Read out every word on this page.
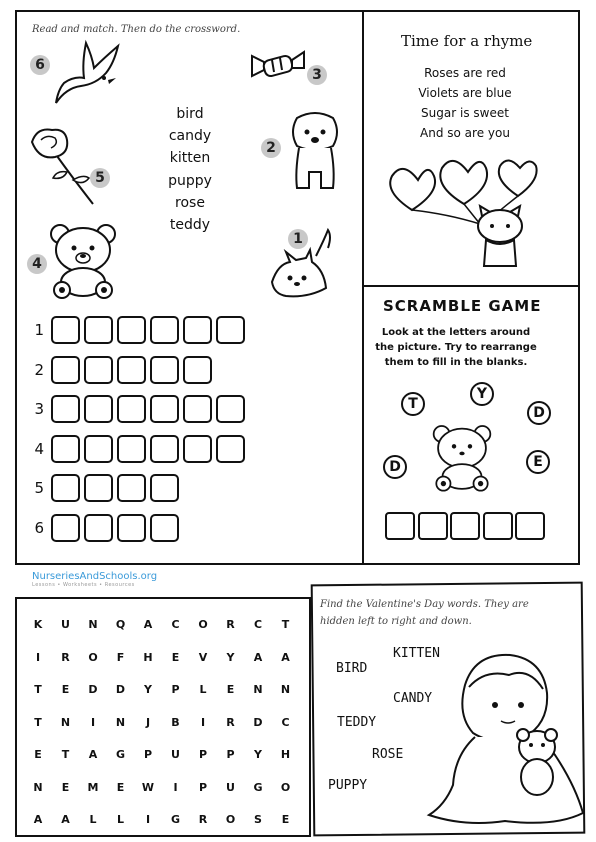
Read and match. Then do the crossword.
bird
candy
kitten
puppy
rose
teddy
6
3
2
5
4
1
1
2
3
4
5
6
Time for a rhyme
Roses are red
Violets are blue
Sugar is sweet
And so are you
SCRAMBLE GAME
Look at the letters around
the picture. Try to rearrange
them to fill in the blanks.
T
Y
D
D	E
NurseriesAndSchools.org
Lessons • Worksheets • Resources
K	U	N	Q	A	C	O	R	C	T
I	R	O	F	H	E	V	Y	A	A
T	E	D	D	Y	P	L	E	N	N
T	N	I	N	J	B	I	R	D	C
E	T	A	G	P	U	P	P	Y	H
N	E	M	E	W	I	P	U	G	O
A	A	L	L	I	G	R	O	S	E
Find the Valentine's Day words. They are
hidden left to right and down.
KITTEN
BIRD
CANDY
TEDDY
ROSE
PUPPY
